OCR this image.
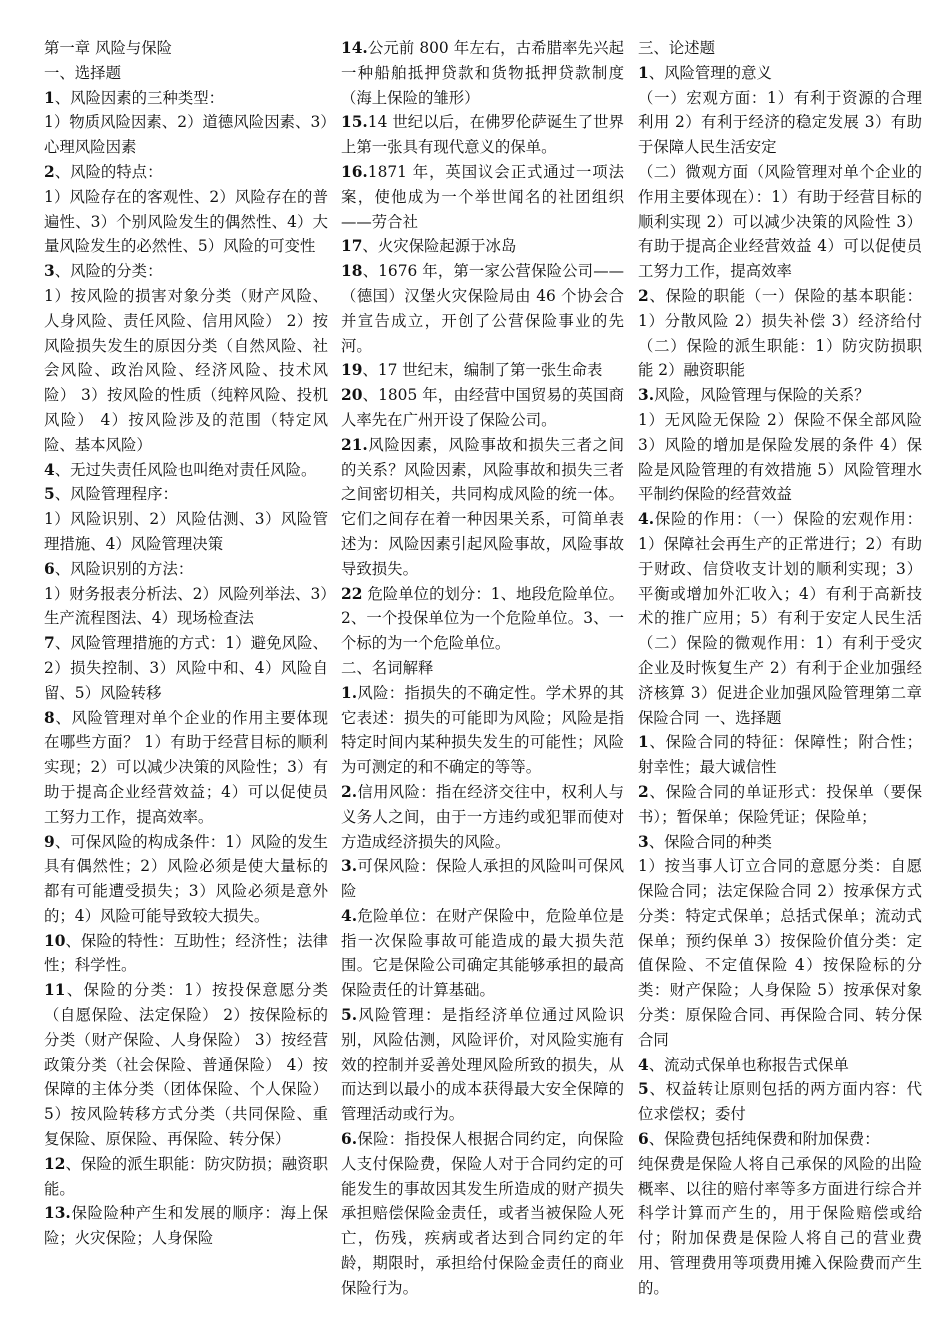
第一章 风险与保险
一、选择题
1、风险因素的三种类型：
1）物质风险因素、2）道德风险因素、3）心理风险因素
2、风险的特点：
1）风险存在的客观性、2）风险存在的普遍性、3）个别风险发生的偶然性、4）大量风险发生的必然性、5）风险的可变性
3、风险的分类：
1）按风险的损害对象分类（财产风险、人身风险、责任风险、信用风险） 2）按风险损失发生的原因分类（自然风险、社会风险、政治风险、经济风险、技术风险） 3）按风险的性质（纯粹风险、投机风险） 4）按风险涉及的范围（特定风险、基本风险）
4、无过失责任风险也叫绝对责任风险。
5、风险管理程序：
1）风险识别、2）风险估测、3）风险管理措施、4）风险管理决策
6、风险识别的方法：
1）财务报表分析法、2）风险列举法、3）生产流程图法、4）现场检查法
7、风险管理措施的方式：1）避免风险、2）损失控制、3）风险中和、4）风险自留、5）风险转移
8、风险管理对单个企业的作用主要体现在哪些方面？ 1）有助于经营目标的顺利实现；2）可以减少决策的风险性；3）有助于提高企业经营效益；4）可以促使员工努力工作，提高效率。
9、可保风险的构成条件：1）风险的发生具有偶然性；2）风险必须是使大量标的都有可能遭受损失；3）风险必须是意外的；4）风险可能导致较大损失。
10、保险的特性：互助性；经济性；法律性；科学性。
11、保险的分类：1）按投保意愿分类（自愿保险、法定保险） 2）按保险标的分类（财产保险、人身保险） 3）按经营政策分类（社会保险、普通保险） 4）按保障的主体分类（团体保险、个人保险） 5）按风险转移方式分类（共同保险、重复保险、原保险、再保险、转分保）
12、保险的派生职能：防灾防损；融资职能。
13.保险险种产生和发展的顺序：海上保险；火灾保险；人身保险
14.公元前 800 年左右，古希腊率先兴起一种船舶抵押贷款和货物抵押贷款制度（海上保险的雏形）
15.14 世纪以后，在佛罗伦萨诞生了世界上第一张具有现代意义的保单。
16.1871 年，英国议会正式通过一项法案，使他成为一个举世闻名的社团组织——劳合社
17、火灾保险起源于冰岛
18、1676 年，第一家公营保险公司——（德国）汉堡火灾保险局由 46 个协会合并宣告成立，开创了公营保险事业的先河。
19、17 世纪末，编制了第一张生命表
20、1805 年，由经营中国贸易的英国商人率先在广州开设了保险公司。
21.风险因素，风险事故和损失三者之间的关系？风险因素，风险事故和损失三者之间密切相关，共同构成风险的统一体。它们之间存在着一种因果关系，可简单表述为：风险因素引起风险事故，风险事故导致损失。
22 危险单位的划分：1、地段危险单位。2、一个投保单位为一个危险单位。3、一个标的为一个危险单位。
二、名词解释
1.风险：指损失的不确定性。学术界的其它表述：损失的可能即为风险；风险是指特定时间内某种损失发生的可能性；风险为可测定的和不确定的等等。
2.信用风险：指在经济交往中，权利人与义务人之间，由于一方违约或犯罪而使对方造成经济损失的风险。
3.可保风险：保险人承担的风险叫可保风险
4.危险单位：在财产保险中，危险单位是指一次保险事故可能造成的最大损失范围。它是保险公司确定其能够承担的最高保险责任的计算基础。
5.风险管理：是指经济单位通过风险识别，风险估测，风险评价，对风险实施有效的控制并妥善处理风险所致的损失，从而达到以最小的成本获得最大安全保障的管理活动或行为。
6.保险：指投保人根据合同约定，向保险人支付保险费，保险人对于合同约定的可能发生的事故因其发生所造成的财产损失承担赔偿保险金责任，或者当被保险人死亡，伤残，疾病或者达到合同约定的年龄，期限时，承担给付保险金责任的商业保险行为。
三、论述题
1、风险管理的意义
（一）宏观方面：1）有利于资源的合理利用 2）有利于经济的稳定发展 3）有助于保障人民生活安定
（二）微观方面（风险管理对单个企业的作用主要体现在）：1）有助于经营目标的顺利实现 2）可以减少决策的风险性 3）有助于提高企业经营效益 4）可以促使员工努力工作，提高效率
2、保险的职能（一）保险的基本职能：1）分散风险 2）损失补偿 3）经济给付 （二）保险的派生职能：1）防灾防损职能 2）融资职能
3.风险，风险管理与保险的关系？
1）无风险无保险 2）保险不保全部风险 3）风险的增加是保险发展的条件 4）保险是风险管理的有效措施 5）风险管理水平制约保险的经营效益
4.保险的作用：（一）保险的宏观作用：1）保障社会再生产的正常进行；2）有助于财政、信贷收支计划的顺利实现；3）平衡或增加外汇收入；4）有利于高新技术的推广应用；5）有利于安定人民生活（二）保险的微观作用：1）有利于受灾企业及时恢复生产 2）有利于企业加强经济核算 3）促进企业加强风险管理第二章 保险合同 一、选择题
1、保险合同的特征：保障性；附合性；射幸性；最大诚信性
2、保险合同的单证形式：投保单（要保书）；暂保单；保险凭证；保险单；
3、保险合同的种类
1）按当事人订立合同的意愿分类：自愿保险合同；法定保险合同 2）按承保方式分类：特定式保单；总括式保单；流动式保单；预约保单 3）按保险价值分类：定值保险、不定值保险 4）按保险标的分类：财产保险；人身保险 5）按承保对象分类：原保险合同、再保险合同、转分保合同
4、流动式保单也称报告式保单
5、权益转让原则包括的两方面内容：代位求偿权；委付
6、保险费包括纯保费和附加保费：
纯保费是保险人将自己承保的风险的出险概率、以往的赔付率等多方面进行综合并科学计算而产生的，用于保险赔偿或给付；附加保费是保险人将自己的营业费用、管理费用等项费用摊入保险费而产生的。
